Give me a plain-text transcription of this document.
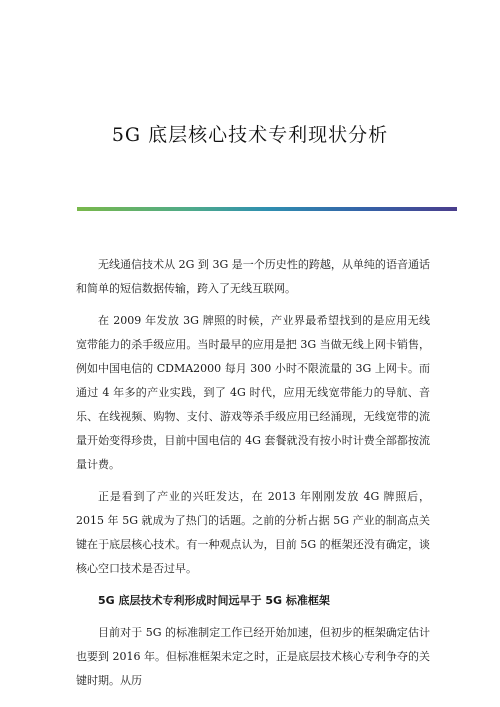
5G 底层核心技术专利现状分析

无线通信技术从 2G 到 3G 是一个历史性的跨越，从单纯的语音通话和简单的短信数据传输，跨入了无线互联网。

在 2009 年发放 3G 牌照的时候，产业界最希望找到的是应用无线宽带能力的杀手级应用。当时最早的应用是把 3G 当做无线上网卡销售，例如中国电信的 CDMA2000 每月 300 小时不限流量的 3G 上网卡。而通过 4 年多的产业实践，到了 4G 时代，应用无线宽带能力的导航、音乐、在线视频、购物、支付、游戏等杀手级应用已经涌现，无线宽带的流量开始变得珍贵，目前中国电信的 4G 套餐就没有按小时计费全部都按流量计费。

正是看到了产业的兴旺发达，在 2013 年刚刚发放 4G 牌照后，2015 年 5G 就成为了热门的话题。之前的分析占据 5G 产业的制高点关键在于底层核心技术。有一种观点认为，目前 5G 的框架还没有确定，谈核心空口技术是否过早。

5G 底层技术专利形成时间远早于 5G 标准框架

目前对于 5G 的标准制定工作已经开始加速，但初步的框架确定估计也要到 2016 年。但标准框架未定之时，正是底层技术核心专利争夺的关键时期。从历
